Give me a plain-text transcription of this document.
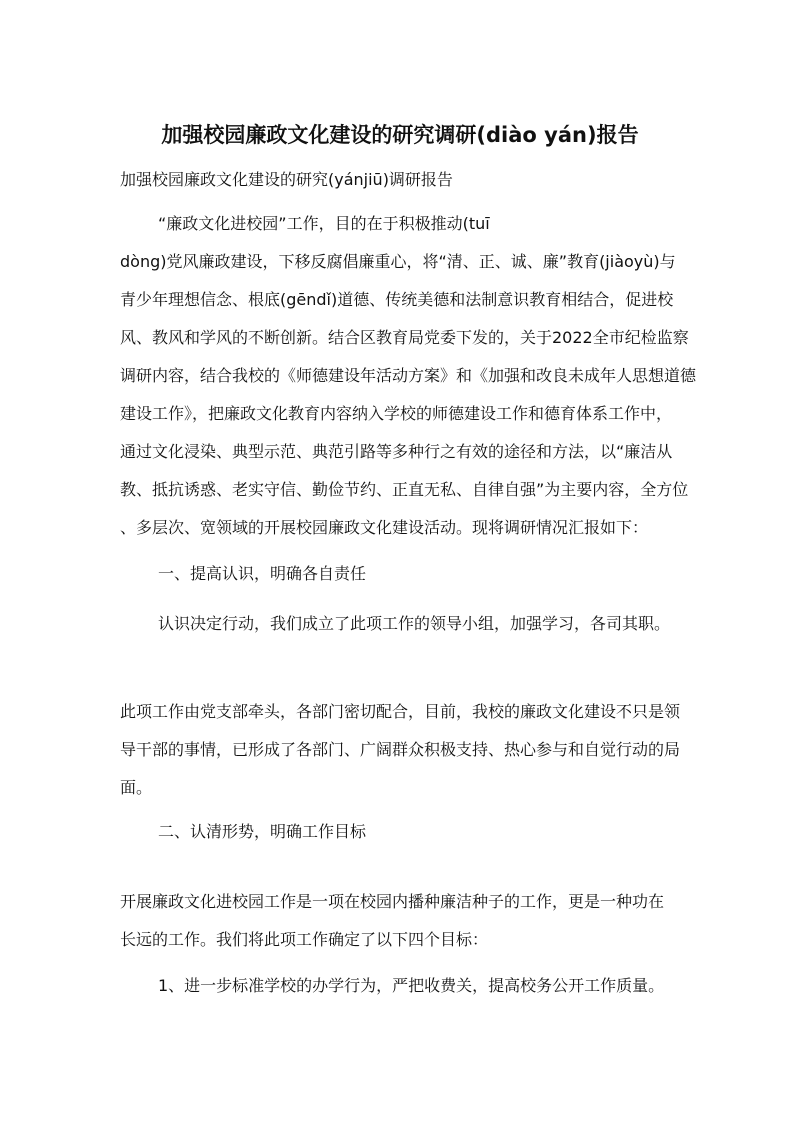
加强校园廉政文化建设的研究调研(diào yán)报告
加强校园廉政文化建设的研究(yánjiū)调研报告
“廉政文化进校园”工作，目的在于积极推动(tuī
dòng)党风廉政建设，下移反腐倡廉重心，将“清、正、诚、廉”教育(jiàoyù)与
青少年理想信念、根底(gēndǐ)道德、传统美德和法制意识教育相结合，促进校
风、教风和学风的不断创新。结合区教育局党委下发的，关于2022全市纪检监察
调研内容，结合我校的《师德建设年活动方案》和《加强和改良未成年人思想道德
建设工作》，把廉政文化教育内容纳入学校的师德建设工作和德育体系工作中，
通过文化浸染、典型示范、典范引路等多种行之有效的途径和方法，以“廉洁从
教、抵抗诱惑、老实守信、勤俭节约、正直无私、自律自强”为主要内容，全方位
、多层次、宽领域的开展校园廉政文化建设活动。现将调研情况汇报如下：
一、提高认识，明确各自责任
认识决定行动，我们成立了此项工作的领导小组，加强学习，各司其职。
此项工作由党支部牵头，各部门密切配合，目前，我校的廉政文化建设不只是领
导干部的事情，已形成了各部门、广阔群众积极支持、热心参与和自觉行动的局
面。
二、认清形势，明确工作目标
开展廉政文化进校园工作是一项在校园内播种廉洁种子的工作，更是一种功在
长远的工作。我们将此项工作确定了以下四个目标：
1、进一步标准学校的办学行为，严把收费关，提高校务公开工作质量。
